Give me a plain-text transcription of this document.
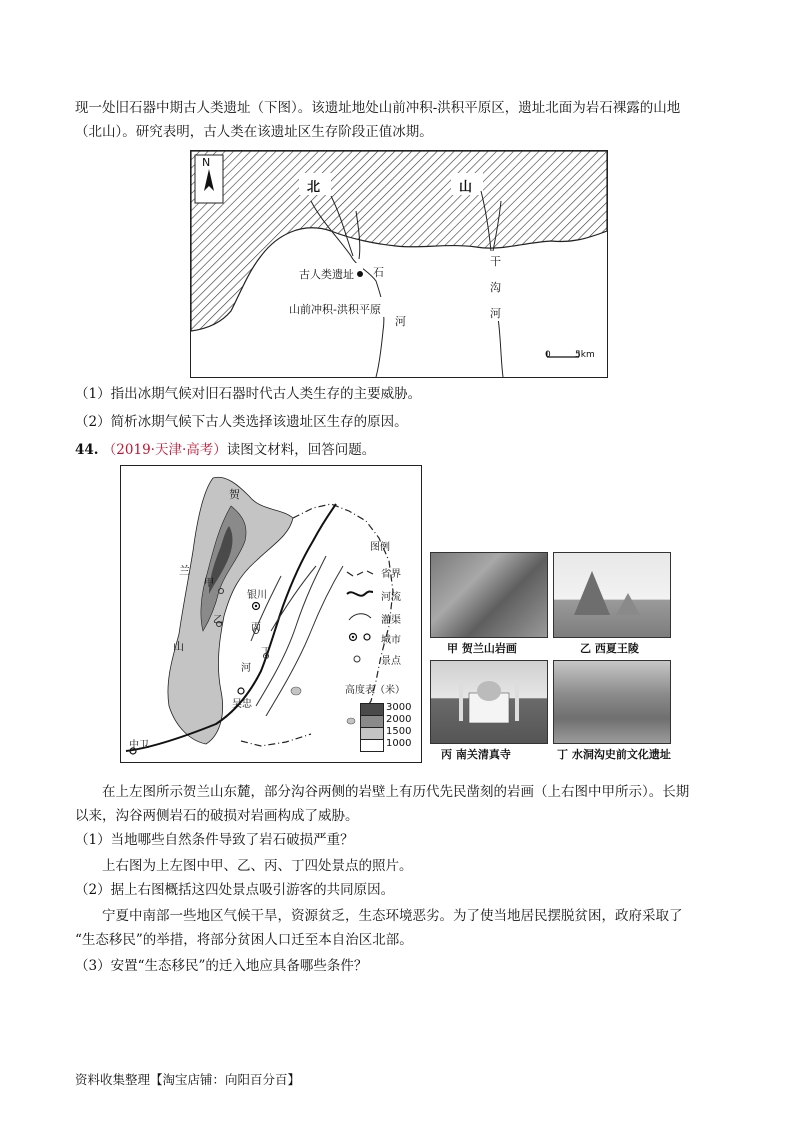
现一处旧石器中期古人类遗址（下图）。该遗址地处山前冲积-洪积平原区，遗址北面为岩石裸露的山地
（北山）。研究表明，古人类在该遗址区生存阶段正值冰期。
N
北	山
古人类遗址 石
山前冲积-洪积平原
河
干
沟
河
0	5km
（1）指出冰期气候对旧石器时代古人类生存的主要威胁。
（2）简析冰期气候下古人类选择该遗址区生存的原因。
44. （2019·天津·高考）读图文材料，回答问题。
贺
兰
山
甲
乙
银川
丙
丁
河
吴忠
中卫
图例
省界
河流
灌渠
城市
景点
高度表（米）
3000
2000
1500
1000
甲 贺兰山岩画	乙 西夏王陵
丙 南关清真寺	丁 水洞沟史前文化遗址
在上左图所示贺兰山东麓，部分沟谷两侧的岩壁上有历代先民凿刻的岩画（上右图中甲所示）。长期
以来，沟谷两侧岩石的破损对岩画构成了威胁。
（1）当地哪些自然条件导致了岩石破损严重？
上右图为上左图中甲、乙、丙、丁四处景点的照片。
（2）据上右图概括这四处景点吸引游客的共同原因。
宁夏中南部一些地区气候干旱，资源贫乏，生态环境恶劣。为了使当地居民摆脱贫困，政府采取了
“生态移民”的举措，将部分贫困人口迁至本自治区北部。
（3）安置“生态移民”的迁入地应具备哪些条件？
资料收集整理【淘宝店铺：向阳百分百】
